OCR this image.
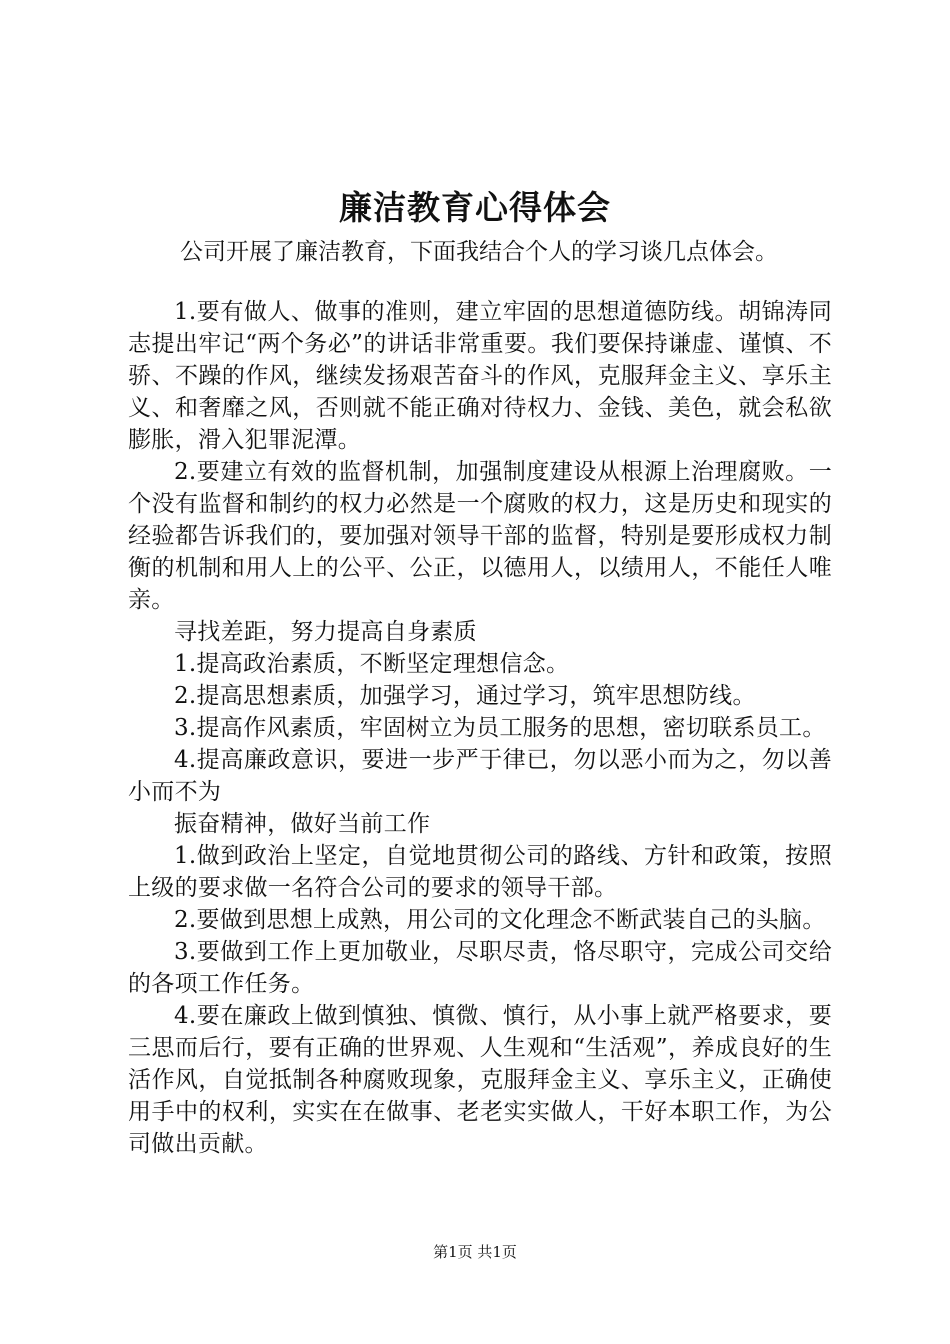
廉洁教育心得体会

公司开展了廉洁教育，下面我结合个人的学习谈几点体会。

1.要有做人、做事的准则，建立牢固的思想道德防线。胡锦涛同志提出牢记“两个务必”的讲话非常重要。我们要保持谦虚、谨慎、不骄、不躁的作风，继续发扬艰苦奋斗的作风，克服拜金主义、享乐主义、和奢靡之风，否则就不能正确对待权力、金钱、美色，就会私欲膨胀，滑入犯罪泥潭。

2.要建立有效的监督机制，加强制度建设从根源上治理腐败。一个没有监督和制约的权力必然是一个腐败的权力，这是历史和现实的经验都告诉我们的，要加强对领导干部的监督，特别是要形成权力制衡的机制和用人上的公平、公正，以德用人，以绩用人，不能任人唯亲。

寻找差距，努力提高自身素质

1.提高政治素质，不断坚定理想信念。

2.提高思想素质，加强学习，通过学习，筑牢思想防线。

3.提高作风素质，牢固树立为员工服务的思想，密切联系员工。

4.提高廉政意识，要进一步严于律已，勿以恶小而为之，勿以善小而不为

振奋精神，做好当前工作

1.做到政治上坚定，自觉地贯彻公司的路线、方针和政策，按照上级的要求做一名符合公司的要求的领导干部。

2.要做到思想上成熟，用公司的文化理念不断武装自己的头脑。

3.要做到工作上更加敬业，尽职尽责，恪尽职守，完成公司交给的各项工作任务。

4.要在廉政上做到慎独、慎微、慎行，从小事上就严格要求，要三思而后行，要有正确的世界观、人生观和“生活观”，养成良好的生活作风，自觉抵制各种腐败现象，克服拜金主义、享乐主义，正确使用手中的权利，实实在在做事、老老实实做人，干好本职工作，为公司做出贡献。

第1页 共1页
